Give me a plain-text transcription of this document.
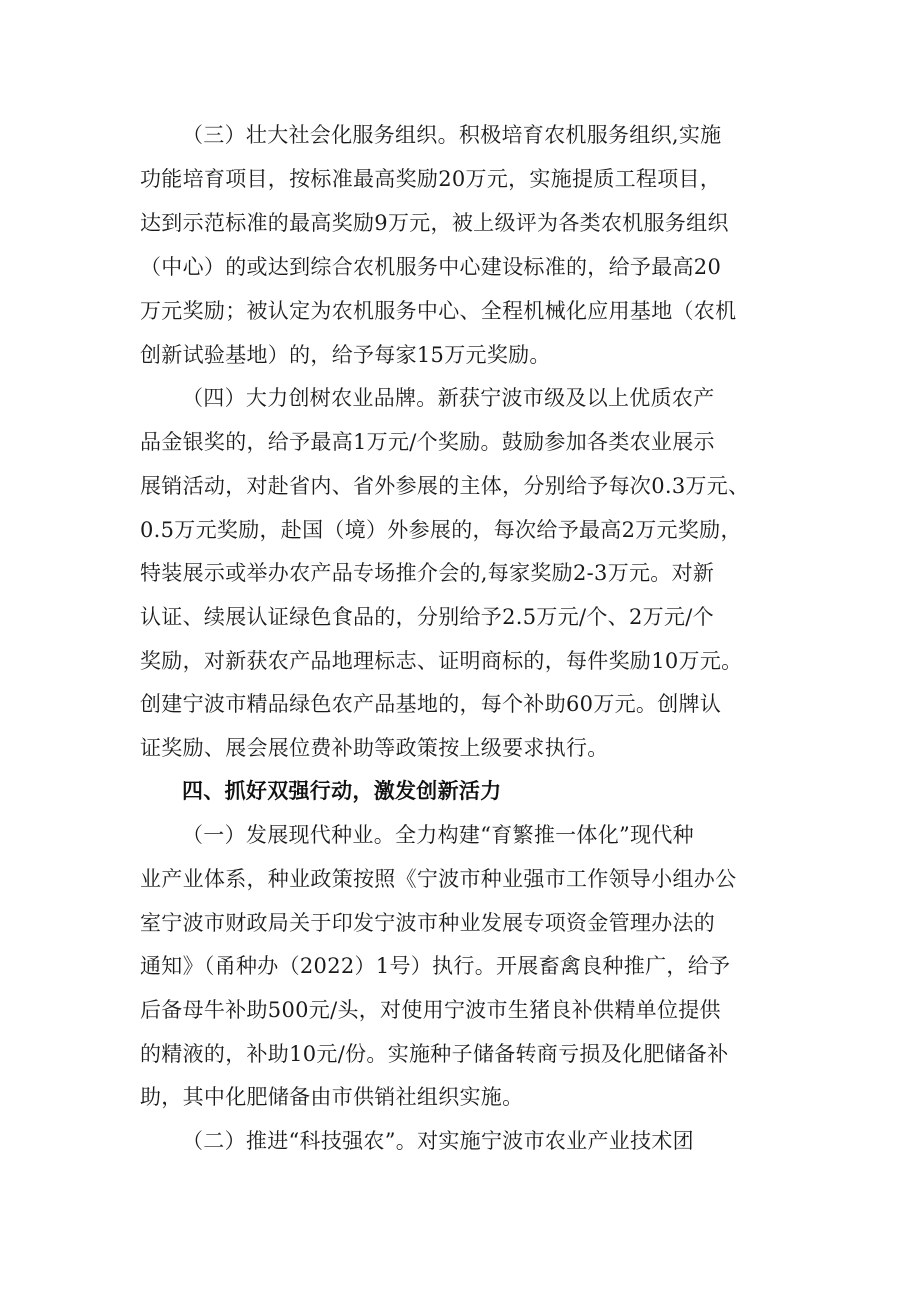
（三）壮大社会化服务组织。积极培育农机服务组织,实施
功能培育项目，按标准最高奖励20万元，实施提质工程项目，
达到示范标准的最高奖励9万元，被上级评为各类农机服务组织
（中心）的或达到综合农机服务中心建设标准的，给予最高20
万元奖励；被认定为农机服务中心、全程机械化应用基地（农机
创新试验基地）的，给予每家15万元奖励。
（四）大力创树农业品牌。新获宁波市级及以上优质农产
品金银奖的，给予最高1万元/个奖励。鼓励参加各类农业展示
展销活动，对赴省内、省外参展的主体，分别给予每次0.3万元、
0.5万元奖励，赴国（境）外参展的，每次给予最高2万元奖励，
特装展示或举办农产品专场推介会的,每家奖励2-3万元。对新
认证、续展认证绿色食品的，分别给予2.5万元/个、2万元/个
奖励，对新获农产品地理标志、证明商标的，每件奖励10万元。
创建宁波市精品绿色农产品基地的，每个补助60万元。创牌认
证奖励、展会展位费补助等政策按上级要求执行。
四、抓好双强行动，激发创新活力
（一）发展现代种业。全力构建“育繁推一体化”现代种
业产业体系，种业政策按照《宁波市种业强市工作领导小组办公
室宁波市财政局关于印发宁波市种业发展专项资金管理办法的
通知》（甬种办（2022）1号）执行。开展畜禽良种推广，给予
后备母牛补助500元/头，对使用宁波市生猪良补供精单位提供
的精液的，补助10元/份。实施种子储备转商亏损及化肥储备补
助，其中化肥储备由市供销社组织实施。
（二）推进“科技强农”。对实施宁波市农业产业技术团
